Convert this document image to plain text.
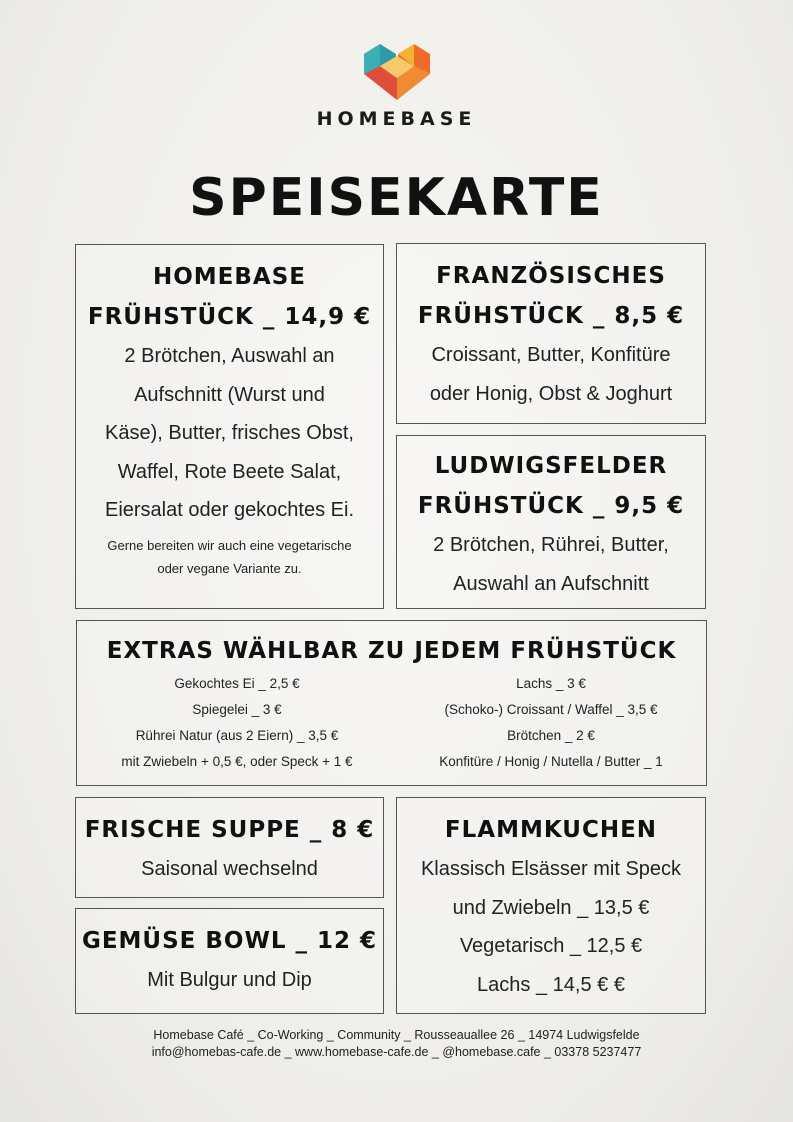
HOMEBASE
SPEISEKARTE
HOMEBASE
FRÜHSTÜCK _ 14,9 €

2 Brötchen, Auswahl an

Aufschnitt (Wurst und

Käse), Butter, frisches Obst,

Waffel, Rote Beete Salat,

Eiersalat oder gekochtes Ei.

Gerne bereiten wir auch eine vegetarische
oder vegane Variante zu.
FRANZÖSISCHES
FRÜHSTÜCK _ 8,5 €

Croissant, Butter, Konfitüre

oder Honig, Obst & Joghurt

LUDWIGSFELDER
FRÜHSTÜCK _ 9,5 €

2 Brötchen, Rührei, Butter,

Auswahl an Aufschnitt

EXTRAS WÄHLBAR ZU JEDEM FRÜHSTÜCK
Gekochtes Ei _ 2,5 €
Spiegelei _ 3 €
Rührei Natur (aus 2 Eiern) _ 3,5 €
mit Zwiebeln + 0,5 €, oder Speck + 1 €
Lachs _ 3 €
(Schoko-) Croissant / Waffel _ 3,5 €
Brötchen _ 2 €
Konfitüre / Honig / Nutella / Butter _ 1
FRISCHE SUPPE _ 8 €

Saisonal wechselnd

GEMÜSE BOWL _ 12 €

Mit Bulgur und Dip

FLAMMKUCHEN

Klassisch Elsässer mit Speck

und Zwiebeln _ 13,5 €

Vegetarisch _ 12,5 €

Lachs _ 14,5 € €

Homebase Café _ Co-Working _ Community _ Rousseauallee 26 _ 14974 Ludwigsfelde
info@homebas-cafe.de _ www.homebase-cafe.de _ @homebase.cafe _ 03378 5237477
